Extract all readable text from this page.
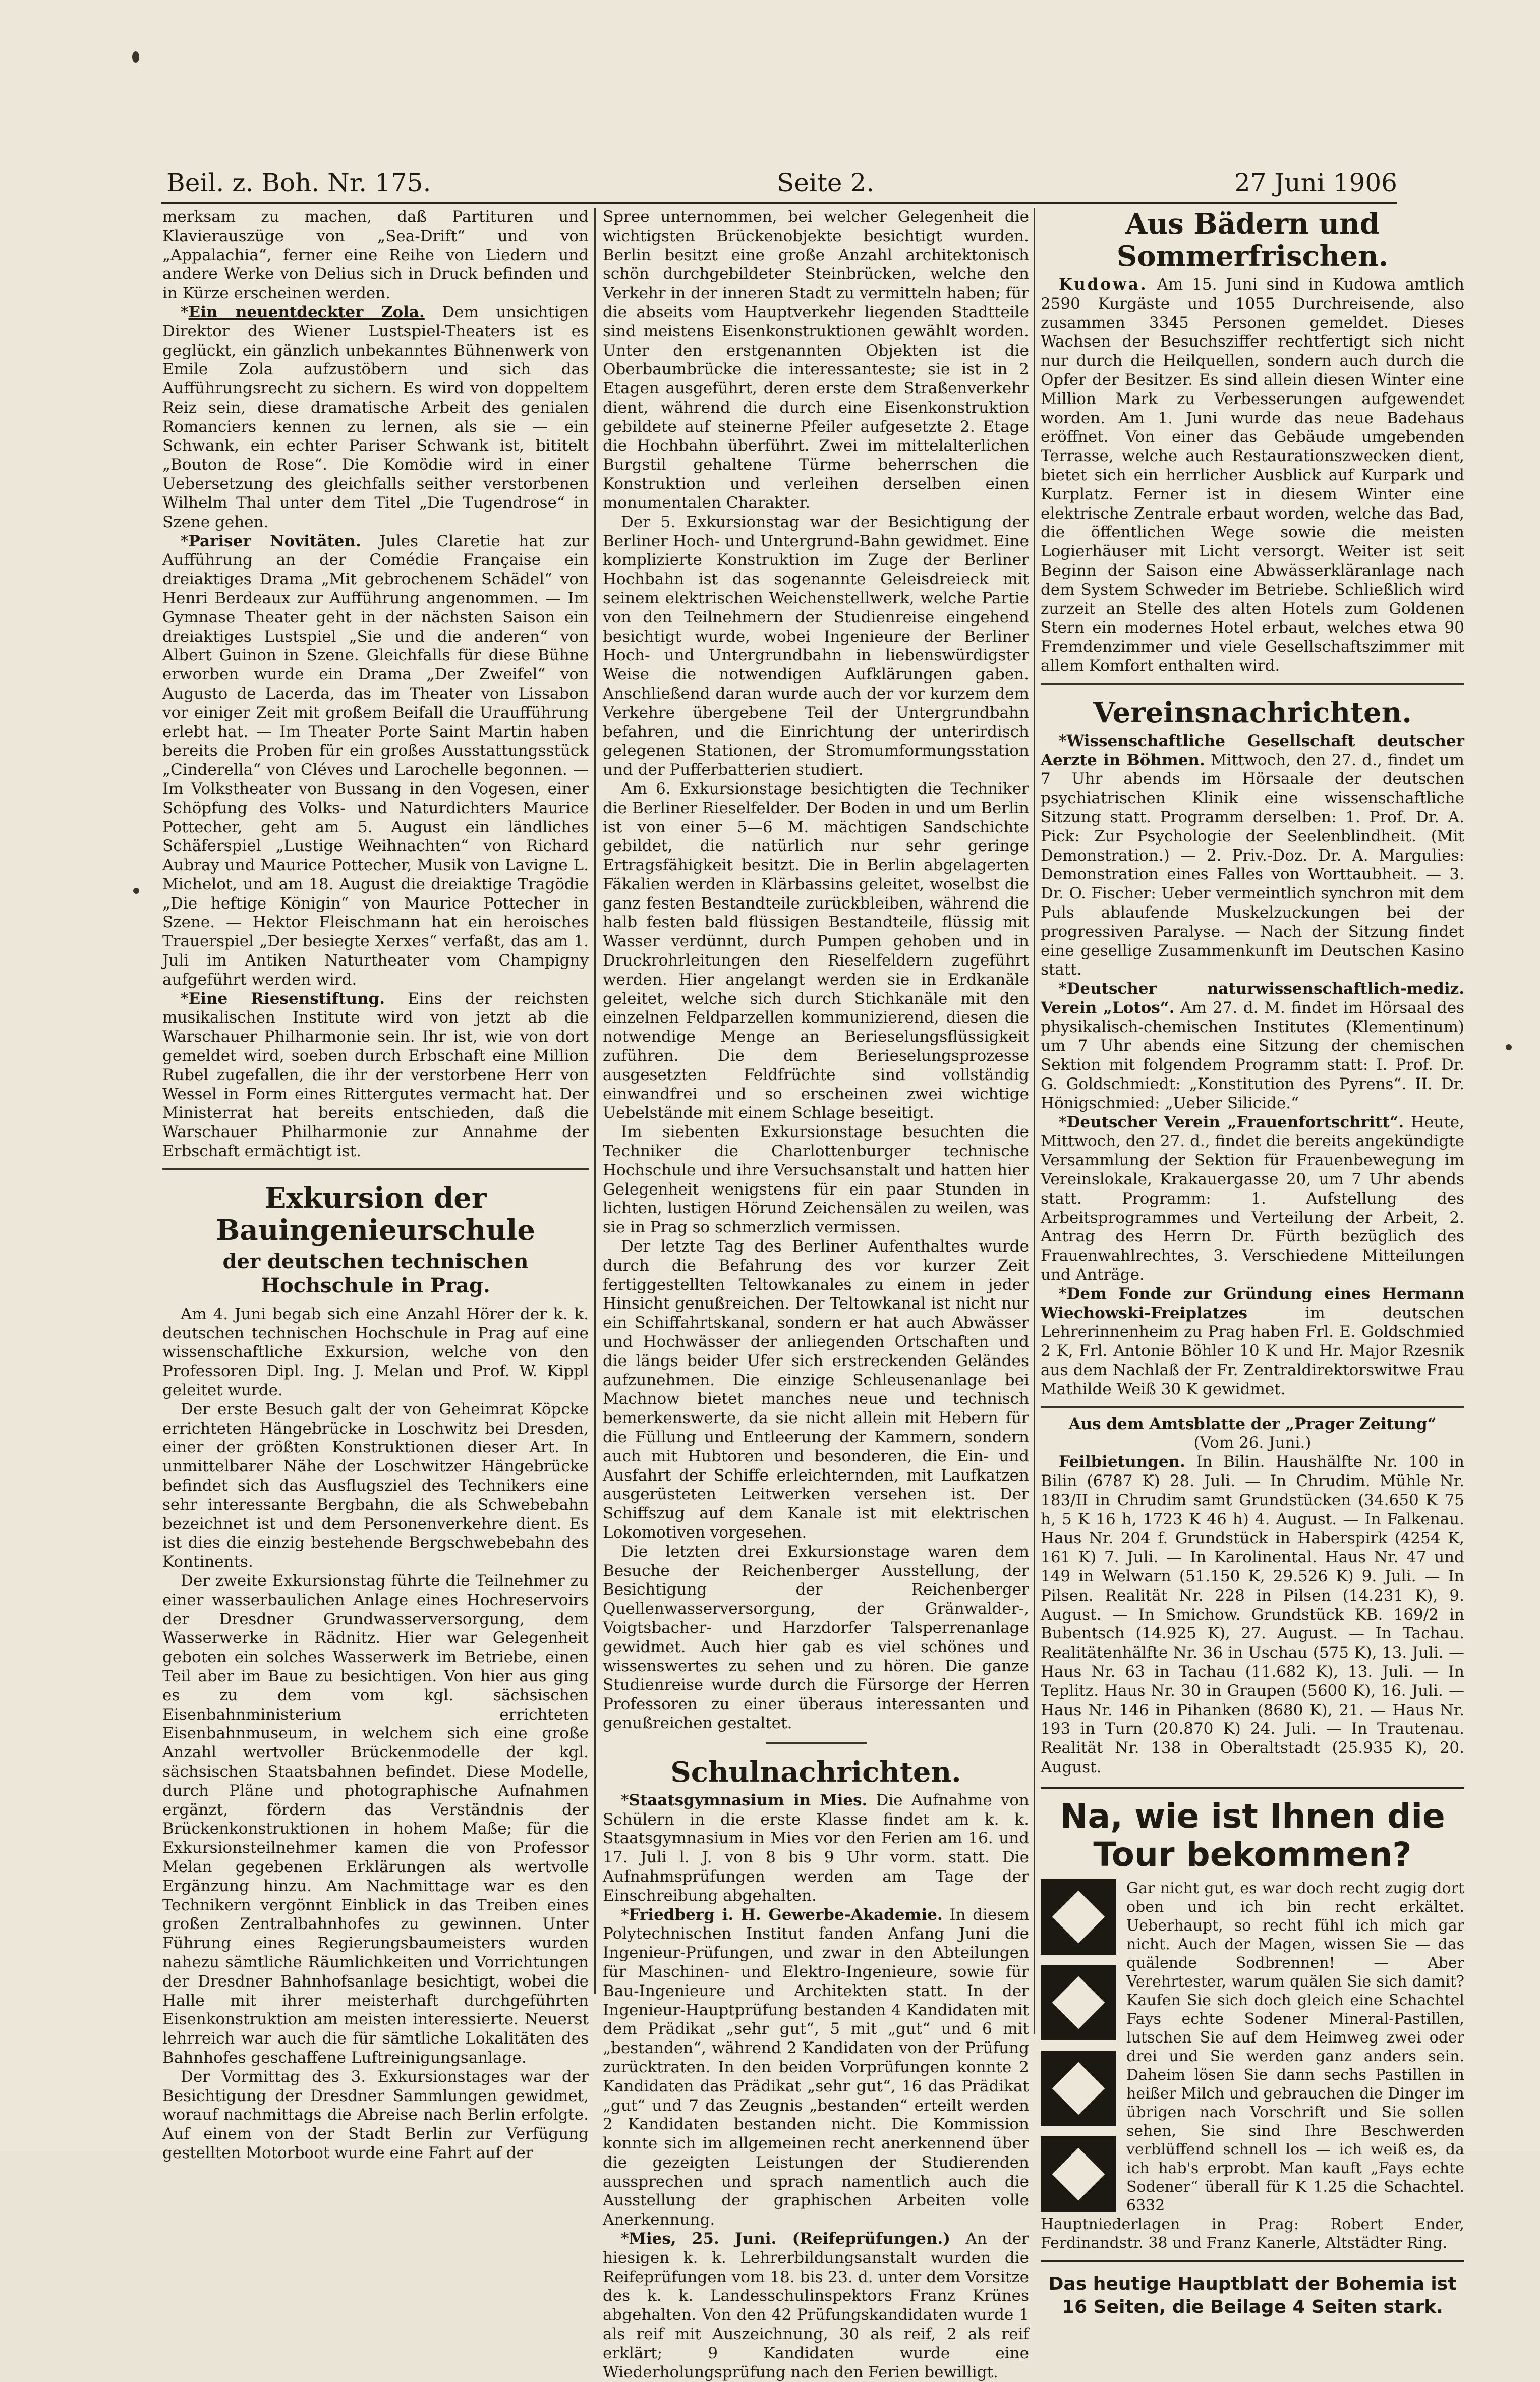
Beil. z. Boh. Nr. 175.	Seite 2.	27 Juni 1906

merksam zu machen, daß Partituren und Klavierauszüge von „Sea-Drift“ und von „Appalachia“, ferner eine Reihe von Liedern und andere Werke von Delius sich in Druck befinden und in Kürze erscheinen werden.

*Ein neuentdeckter Zola. Dem unsichtigen Direktor des Wiener Lustspiel-Theaters ist es geglückt, ein gänzlich unbekanntes Bühnenwerk von Emile Zola aufzustöbern und sich das Aufführungsrecht zu sichern. Es wird von doppeltem Reiz sein, diese dramatische Arbeit des genialen Romanciers kennen zu lernen, als sie — ein Schwank, ein echter Pariser Schwank ist, bititelt „Bouton de Rose“. Die Komödie wird in einer Uebersetzung des gleichfalls seither verstorbenen Wilhelm Thal unter dem Titel „Die Tugendrose“ in Szene gehen.

*Pariser Novitäten. Jules Claretie hat zur Aufführung an der Comédie Française ein dreiaktiges Drama „Mit gebrochenem Schädel“ von Henri Berdeaux zur Aufführung angenommen. — Im Gymnase Theater geht in der nächsten Saison ein dreiaktiges Lustspiel „Sie und die anderen“ von Albert Guinon in Szene. Gleichfalls für diese Bühne erworben wurde ein Drama „Der Zweifel“ von Augusto de Lacerda, das im Theater von Lissabon vor einiger Zeit mit großem Beifall die Uraufführung erlebt hat. — Im Theater Porte Saint Martin haben bereits die Proben für ein großes Ausstattungsstück „Cinderella“ von Cléves und Larochelle begonnen. — Im Volkstheater von Bussang in den Vogesen, einer Schöpfung des Volks- und Naturdichters Maurice Pottecher, geht am 5. August ein ländliches Schäferspiel „Lustige Weihnachten“ von Richard Aubray und Maurice Pottecher, Musik von Lavigne L. Michelot, und am 18. August die dreiaktige Tragödie „Die heftige Königin“ von Maurice Pottecher in Szene. — Hektor Fleischmann hat ein heroisches Trauerspiel „Der besiegte Xerxes“ verfaßt, das am 1. Juli im Antiken Naturtheater vom Champigny aufgeführt werden wird.

*Eine Riesenstiftung. Eins der reichsten musikalischen Institute wird von jetzt ab die Warschauer Philharmonie sein. Ihr ist, wie von dort gemeldet wird, soeben durch Erbschaft eine Million Rubel zugefallen, die ihr der verstorbene Herr von Wessel in Form eines Rittergutes vermacht hat. Der Ministerrat hat bereits entschieden, daß die Warschauer Philharmonie zur Annahme der Erbschaft ermächtigt ist.

Exkursion der Bauingenieurschule
der deutschen technischen Hochschule in Prag.

Am 4. Juni begab sich eine Anzahl Hörer der k. k. deutschen technischen Hochschule in Prag auf eine wissenschaftliche Exkursion, welche von den Professoren Dipl. Ing. J. Melan und Prof. W. Kippl geleitet wurde.

Der erste Besuch galt der von Geheimrat Köpcke errichteten Hängebrücke in Loschwitz bei Dresden, einer der größten Konstruktionen dieser Art. In unmittelbarer Nähe der Loschwitzer Hängebrücke befindet sich das Ausflugsziel des Technikers eine sehr interessante Bergbahn, die als Schwebebahn bezeichnet ist und dem Personenverkehre dient. Es ist dies die einzig bestehende Bergschwebebahn des Kontinents.

Der zweite Exkursionstag führte die Teilnehmer zu einer wasserbaulichen Anlage eines Hochreservoirs der Dresdner Grundwasserversorgung, dem Wasserwerke in Rädnitz. Hier war Gelegenheit geboten ein solches Wasserwerk im Betriebe, einen Teil aber im Baue zu besichtigen. Von hier aus ging es zu dem vom kgl. sächsischen Eisenbahnministerium errichteten Eisenbahnmuseum, in welchem sich eine große Anzahl wertvoller Brückenmodelle der kgl. sächsischen Staatsbahnen befindet. Diese Modelle, durch Pläne und photographische Aufnahmen ergänzt, fördern das Verständnis der Brückenkonstruktionen in hohem Maße; für die Exkursionsteilnehmer kamen die von Professor Melan gegebenen Erklärungen als wertvolle Ergänzung hinzu. Am Nachmittage war es den Technikern vergönnt Einblick in das Treiben eines großen Zentralbahnhofes zu gewinnen. Unter Führung eines Regierungsbaumeisters wurden nahezu sämtliche Räumlichkeiten und Vorrichtungen der Dresdner Bahnhofsanlage besichtigt, wobei die Halle mit ihrer meisterhaft durchgeführten Eisenkonstruktion am meisten interessierte. Neuerst lehrreich war auch die für sämtliche Lokalitäten des Bahnhofes geschaffene Luftreinigungsanlage.

Der Vormittag des 3. Exkursionstages war der Besichtigung der Dresdner Sammlungen gewidmet, worauf nachmittags die Abreise nach Berlin erfolgte. Auf einem von der Stadt Berlin zur Verfügung gestellten Motorboot wurde eine Fahrt auf der

Spree unternommen, bei welcher Gelegenheit die wichtigsten Brückenobjekte besichtigt wurden. Berlin besitzt eine große Anzahl architektonisch schön durchgebildeter Steinbrücken, welche den Verkehr in der inneren Stadt zu vermitteln haben; für die abseits vom Hauptverkehr liegenden Stadtteile sind meistens Eisenkonstruktionen gewählt worden. Unter den erstgenannten Objekten ist die Oberbaumbrücke die interessanteste; sie ist in 2 Etagen ausgeführt, deren erste dem Straßenverkehr dient, während die durch eine Eisenkonstruktion gebildete auf steinerne Pfeiler aufgesetzte 2. Etage die Hochbahn überführt. Zwei im mittelalterlichen Burgstil gehaltene Türme beherrschen die Konstruktion und verleihen derselben einen monumentalen Charakter.

Der 5. Exkursionstag war der Besichtigung der Berliner Hoch- und Untergrund-Bahn gewidmet. Eine komplizierte Konstruktion im Zuge der Berliner Hochbahn ist das sogenannte Geleisdreieck mit seinem elektrischen Weichenstellwerk, welche Partie von den Teilnehmern der Studienreise eingehend besichtigt wurde, wobei Ingenieure der Berliner Hoch- und Untergrundbahn in liebenswürdigster Weise die notwendigen Aufklärungen gaben. Anschließend daran wurde auch der vor kurzem dem Verkehre übergebene Teil der Untergrundbahn befahren, und die Einrichtung der unterirdisch gelegenen Stationen, der Stromumformungsstation und der Pufferbatterien studiert.

Am 6. Exkursionstage besichtigten die Techniker die Berliner Rieselfelder. Der Boden in und um Berlin ist von einer 5—6 M. mächtigen Sandschichte gebildet, die natürlich nur sehr geringe Ertragsfähigkeit besitzt. Die in Berlin abgelagerten Fäkalien werden in Klärbassins geleitet, woselbst die ganz festen Bestandteile zurückbleiben, während die halb festen bald flüssigen Bestandteile, flüssig mit Wasser verdünnt, durch Pumpen gehoben und in Druckrohrleitungen den Rieselfeldern zugeführt werden. Hier angelangt werden sie in Erdkanäle geleitet, welche sich durch Stichkanäle mit den einzelnen Feldparzellen kommunizierend, diesen die notwendige Menge an Berieselungsflüssigkeit zuführen. Die dem Berieselungsprozesse ausgesetzten Feldfrüchte sind vollständig einwandfrei und so erscheinen zwei wichtige Uebelstände mit einem Schlage beseitigt.

Im siebenten Exkursionstage besuchten die Techniker die Charlottenburger technische Hochschule und ihre Versuchsanstalt und hatten hier Gelegenheit wenigstens für ein paar Stunden in lichten, lustigen Hörund Zeichensälen zu weilen, was sie in Prag so schmerzlich vermissen.

Der letzte Tag des Berliner Aufenthaltes wurde durch die Befahrung des vor kurzer Zeit fertiggestellten Teltowkanales zu einem in jeder Hinsicht genußreichen. Der Teltowkanal ist nicht nur ein Schiffahrtskanal, sondern er hat auch Abwässer und Hochwässer der anliegenden Ortschaften und die längs beider Ufer sich erstreckenden Geländes aufzunehmen. Die einzige Schleusenanlage bei Machnow bietet manches neue und technisch bemerkenswerte, da sie nicht allein mit Hebern für die Füllung und Entleerung der Kammern, sondern auch mit Hubtoren und besonderen, die Ein- und Ausfahrt der Schiffe erleichternden, mit Laufkatzen ausgerüsteten Leitwerken versehen ist. Der Schiffszug auf dem Kanale ist mit elektrischen Lokomotiven vorgesehen.

Die letzten drei Exkursionstage waren dem Besuche der Reichenberger Ausstellung, der Besichtigung der Reichenberger Quellenwasserversorgung, der Gränwalder-, Voigtsbacher- und Harzdorfer Talsperrenanlage gewidmet. Auch hier gab es viel schönes und wissenswertes zu sehen und zu hören. Die ganze Studienreise wurde durch die Fürsorge der Herren Professoren zu einer überaus interessanten und genußreichen gestaltet.

Schulnachrichten.

*Staatsgymnasium in Mies. Die Aufnahme von Schülern in die erste Klasse findet am k. k. Staatsgymnasium in Mies vor den Ferien am 16. und 17. Juli l. J. von 8 bis 9 Uhr vorm. statt. Die Aufnahmsprüfungen werden am Tage der Einschreibung abgehalten.

*Friedberg i. H. Gewerbe-Akademie. In diesem Polytechnischen Institut fanden Anfang Juni die Ingenieur-Prüfungen, und zwar in den Abteilungen für Maschinen- und Elektro-Ingenieure, sowie für Bau-Ingenieure und Architekten statt. In der Ingenieur-Hauptprüfung bestanden 4 Kandidaten mit dem Prädikat „sehr gut“, 5 mit „gut“ und 6 mit „bestanden“, während 2 Kandidaten von der Prüfung zurücktraten. In den beiden Vorprüfungen konnte 2 Kandidaten das Prädikat „sehr gut“, 16 das Prädikat „gut“ und 7 das Zeugnis „bestanden“ erteilt werden 2 Kandidaten bestanden nicht. Die Kommission konnte sich im allgemeinen recht anerkennend über die gezeigten Leistungen der Studierenden aussprechen und sprach namentlich auch die Ausstellung der graphischen Arbeiten volle Anerkennung.

*Mies, 25. Juni. (Reifeprüfungen.) An der hiesigen k. k. Lehrerbildungsanstalt wurden die Reifeprüfungen vom 18. bis 23. d. unter dem Vorsitze des k. k. Landesschulinspektors Franz Krünes abgehalten. Von den 42 Prüfungskandidaten wurde 1 als reif mit Auszeichnung, 30 als reif, 2 als reif erklärt; 9 Kandidaten wurde eine Wiederholungsprüfung nach den Ferien bewilligt.

Aus Bädern und Sommerfrischen.

Kudowa. Am 15. Juni sind in Kudowa amtlich 2590 Kurgäste und 1055 Durchreisende, also zusammen 3345 Personen gemeldet. Dieses Wachsen der Besuchsziffer rechtfertigt sich nicht nur durch die Heilquellen, sondern auch durch die Opfer der Besitzer. Es sind allein diesen Winter eine Million Mark zu Verbesserungen aufgewendet worden. Am 1. Juni wurde das neue Badehaus eröffnet. Von einer das Gebäude umgebenden Terrasse, welche auch Restaurationszwecken dient, bietet sich ein herrlicher Ausblick auf Kurpark und Kurplatz. Ferner ist in diesem Winter eine elektrische Zentrale erbaut worden, welche das Bad, die öffentlichen Wege sowie die meisten Logierhäuser mit Licht versorgt. Weiter ist seit Beginn der Saison eine Abwässerkläranlage nach dem System Schweder im Betriebe. Schließlich wird zurzeit an Stelle des alten Hotels zum Goldenen Stern ein modernes Hotel erbaut, welches etwa 90 Fremdenzimmer und viele Gesellschaftszimmer mit allem Komfort enthalten wird.

Vereinsnachrichten.

*Wissenschaftliche Gesellschaft deutscher Aerzte in Böhmen. Mittwoch, den 27. d., findet um 7 Uhr abends im Hörsaale der deutschen psychiatrischen Klinik eine wissenschaftliche Sitzung statt. Programm derselben: 1. Prof. Dr. A. Pick: Zur Psychologie der Seelenblindheit. (Mit Demonstration.) — 2. Priv.-Doz. Dr. A. Margulies: Demonstration eines Falles von Worttaubheit. — 3. Dr. O. Fischer: Ueber vermeintlich synchron mit dem Puls ablaufende Muskelzuckungen bei der progressiven Paralyse. — Nach der Sitzung findet eine gesellige Zusammenkunft im Deutschen Kasino statt.

*Deutscher naturwissenschaftlich-mediz. Verein „Lotos“. Am 27. d. M. findet im Hörsaal des physikalisch-chemischen Institutes (Klementinum) um 7 Uhr abends eine Sitzung der chemischen Sektion mit folgendem Programm statt: I. Prof. Dr. G. Goldschmiedt: „Konstitution des Pyrens“. II. Dr. Hönigschmied: „Ueber Silicide.“

*Deutscher Verein „Frauenfortschritt“. Heute, Mittwoch, den 27. d., findet die bereits angekündigte Versammlung der Sektion für Frauenbewegung im Vereinslokale, Krakauergasse 20, um 7 Uhr abends statt. Programm: 1. Aufstellung des Arbeitsprogrammes und Verteilung der Arbeit, 2. Antrag des Herrn Dr. Fürth bezüglich des Frauenwahlrechtes, 3. Verschiedene Mitteilungen und Anträge.

*Dem Fonde zur Gründung eines Hermann Wiechowski-Freiplatzes	im deutschen Lehrerinnenheim zu Prag haben Frl. E. Goldschmied 2 K, Frl. Antonie Böhler 10 K und Hr. Major Rzesnik aus dem Nachlaß der Fr. Zentraldirektorswitwe Frau Mathilde Weiß 30 K gewidmet.

Aus dem Amtsblatte der „Prager Zeitung“

(Vom 26. Juni.)

Feilbietungen. In Bilin. Haushälfte Nr. 100 in Bilin (6787 K) 28. Juli. — In Chrudim. Mühle Nr. 183/II in Chrudim samt Grundstücken (34.650 K 75 h, 5 K 16 h, 1723 K 46 h) 4. August. — In Falkenau. Haus Nr. 204 f. Grundstück in Haberspirk (4254 K, 161 K) 7. Juli. — In Karolinental. Haus Nr. 47 und 149 in Welwarn (51.150 K, 29.526 K) 9. Juli. — In Pilsen. Realität Nr. 228 in Pilsen (14.231 K), 9. August. — In Smichow. Grundstück KB. 169/2 in Bubentsch (14.925 K), 27. August. — In Tachau. Realitätenhälfte Nr. 36 in Uschau (575 K), 13. Juli. — Haus Nr. 63 in Tachau (11.682 K), 13. Juli. — In Teplitz. Haus Nr. 30 in Graupen (5600 K), 16. Juli. — Haus Nr. 146 in Pihanken (8680 K), 21. — Haus Nr. 193 in Turn (20.870 K) 24. Juli. — In Trautenau. Realität Nr. 138 in Oberaltstadt (25.935 K), 20. August.

Na, wie ist Ihnen die Tour bekommen?
Gar nicht gut, es war doch recht zugig dort oben und ich bin recht erkältet. Ueberhaupt, so recht fühl ich mich gar nicht. Auch der Magen, wissen Sie — das quälende Sodbrennen! — Aber Verehrtester, warum quälen Sie sich damit? Kaufen Sie sich doch gleich eine Schachtel Fays echte Sodener Mineral-Pastillen, lutschen Sie auf dem Heimweg zwei oder drei und Sie werden ganz anders sein. Daheim lösen Sie dann sechs Pastillen in heißer Milch und gebrauchen die Dinger im übrigen nach Vorschrift und Sie sollen sehen, Sie sind Ihre Beschwerden verblüffend schnell los — ich weiß es, da ich hab's erprobt. Man kauft „Fays echte Sodener“ überall für K 1.25 die Schachtel. 6332
Hauptniederlagen in Prag: Robert Ender, Ferdinandstr. 38 und Franz Kanerle, Altstädter Ring.
Das heutige Hauptblatt der Bohemia ist 16 Seiten, die Beilage 4 Seiten stark.
